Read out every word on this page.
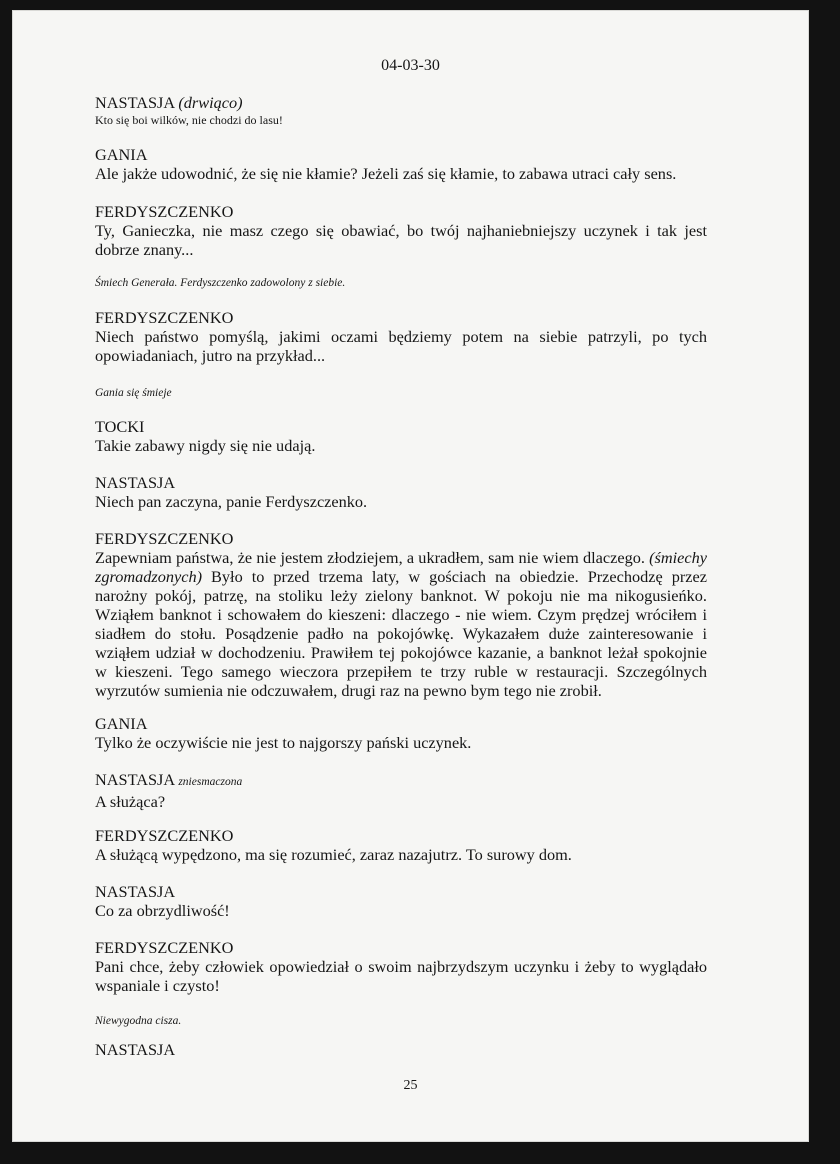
04-03-30
NASTASJA (drwiąco)
Kto się boi wilków, nie chodzi do lasu!
GANIA
Ale jakże udowodnić, że się nie kłamie? Jeżeli zaś się kłamie, to zabawa utraci cały sens.
FERDYSZCZENKO
Ty, Ganieczka, nie masz czego się obawiać, bo twój najhaniebniejszy uczynek i tak jest dobrze znany...
Śmiech Generała. Ferdyszczenko zadowolony z siebie.
FERDYSZCZENKO
Niech państwo pomyślą, jakimi oczami będziemy potem na siebie patrzyli, po tych opowiadaniach, jutro na przykład...
Gania się śmieje
TOCKI
Takie zabawy nigdy się nie udają.
NASTASJA
Niech pan zaczyna, panie Ferdyszczenko.
FERDYSZCZENKO
Zapewniam państwa, że nie jestem złodziejem, a ukradłem, sam nie wiem dlaczego. (śmiechy zgromadzonych) Było to przed trzema laty, w gościach na obiedzie. Przechodzę przez narożny pokój, patrzę, na stoliku leży zielony banknot. W pokoju nie ma nikogusieńko. Wziąłem banknot i schowałem do kieszeni: dlaczego - nie wiem. Czym prędzej wróciłem i siadłem do stołu. Posądzenie padło na pokojówkę. Wykazałem duże zainteresowanie i wziąłem udział w dochodzeniu. Prawiłem tej pokojówce kazanie, a banknot leżał spokojnie w kieszeni. Tego samego wieczora przepiłem te trzy ruble w restauracji. Szczególnych wyrzutów sumienia nie odczuwałem, drugi raz na pewno bym tego nie zrobił.
GANIA
Tylko że oczywiście nie jest to najgorszy pański uczynek.
NASTASJA zniesmaczona
A służąca?
FERDYSZCZENKO
A służącą wypędzono, ma się rozumieć, zaraz nazajutrz. To surowy dom.
NASTASJA
Co za obrzydliwość!
FERDYSZCZENKO
Pani chce, żeby człowiek opowiedział o swoim najbrzydszym uczynku i żeby to wyglądało wspaniale i czysto!
Niewygodna cisza.
NASTASJA
25
